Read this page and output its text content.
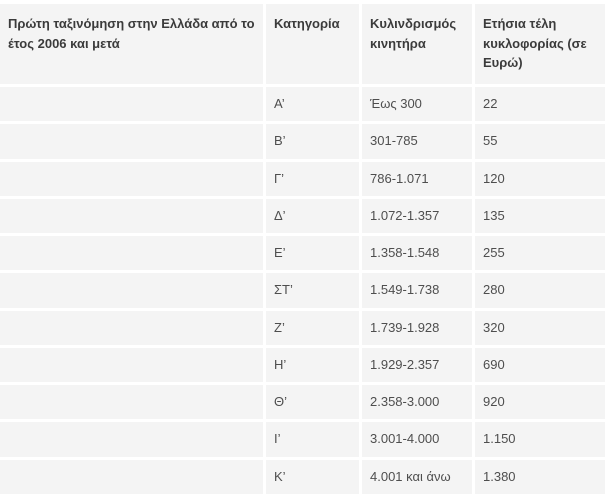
Πρώτη ταξινόμηση στην Ελλάδα από το έτος 2006 και μετά	Κατηγορία	Κυλινδρισμός κινητήρα	Ετήσια τέλη κυκλοφορίας (σε Ευρώ)
	Α’	Έως 300	22
	Β’	301-785	55
	Γ’	786-1.071	120
	Δ’	1.072-1.357	135
	Ε’	1.358-1.548	255
	ΣΤ’	1.549-1.738	280
	Ζ’	1.739-1.928	320
	Η’	1.929-2.357	690
	Θ’	2.358-3.000	920
	Ι’	3.001-4.000	1.150
	Κ’	4.001 και άνω	1.380
